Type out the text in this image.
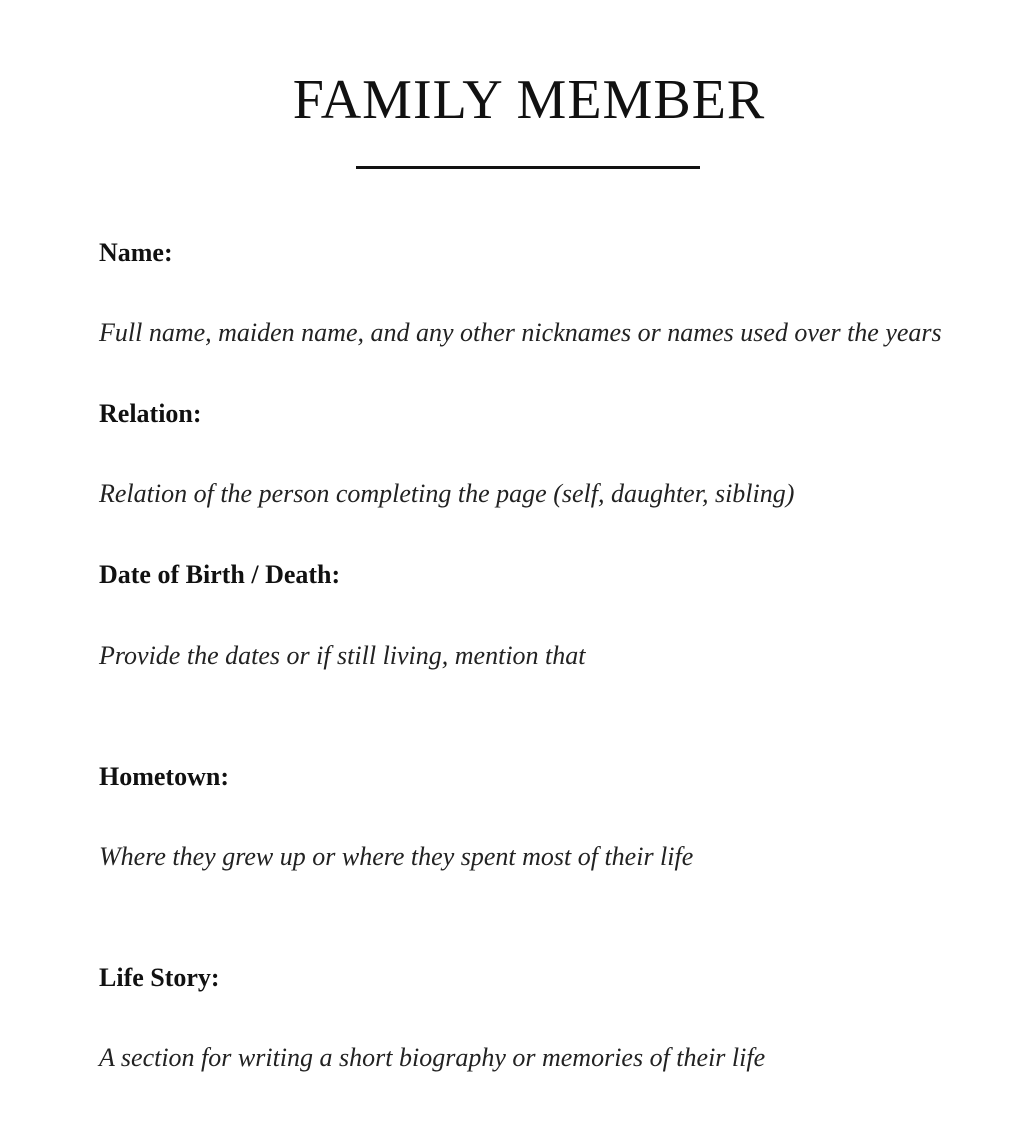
FAMILY MEMBER
Name:
Full name, maiden name, and any other nicknames or names used over the years
Relation:
Relation of the person completing the page (self, daughter, sibling)
Date of Birth / Death:
Provide the dates or if still living, mention that
Hometown:
Where they grew up or where they spent most of their life
Life Story:
A section for writing a short biography or memories of their life
